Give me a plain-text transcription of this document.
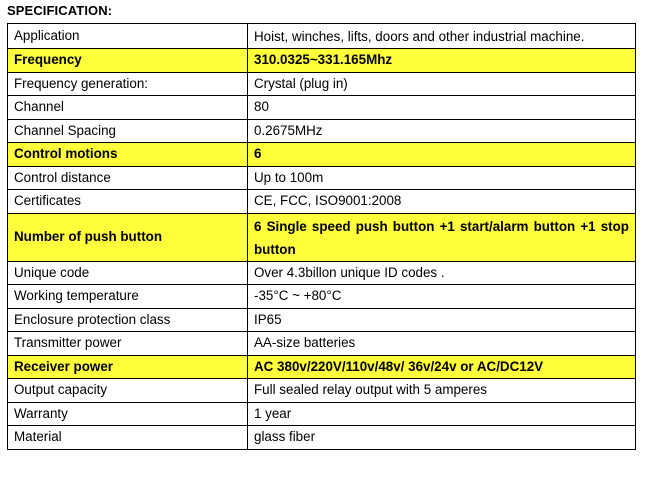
SPECIFICATION:
Application	Hoist, winches, lifts, doors and other industrial machine.
Frequency	310.0325~331.165Mhz
Frequency generation:	Crystal (plug in)
Channel	80
Channel Spacing	0.2675MHz
Control motions	6
Control distance	Up to 100m
Certificates	CE, FCC, ISO9001:2008
Number of push button	6 Single speed push button +1 start/alarm button +1 stop button
Unique code	Over 4.3billon unique ID codes .
Working temperature	-35°C ~ +80°C
Enclosure protection class	IP65
Transmitter power	AA-size batteries
Receiver power	AC 380v/220V/110v/48v/ 36v/24v or AC/DC12V
Output capacity	Full sealed relay output with 5 amperes
Warranty	1 year
Material	glass fiber
